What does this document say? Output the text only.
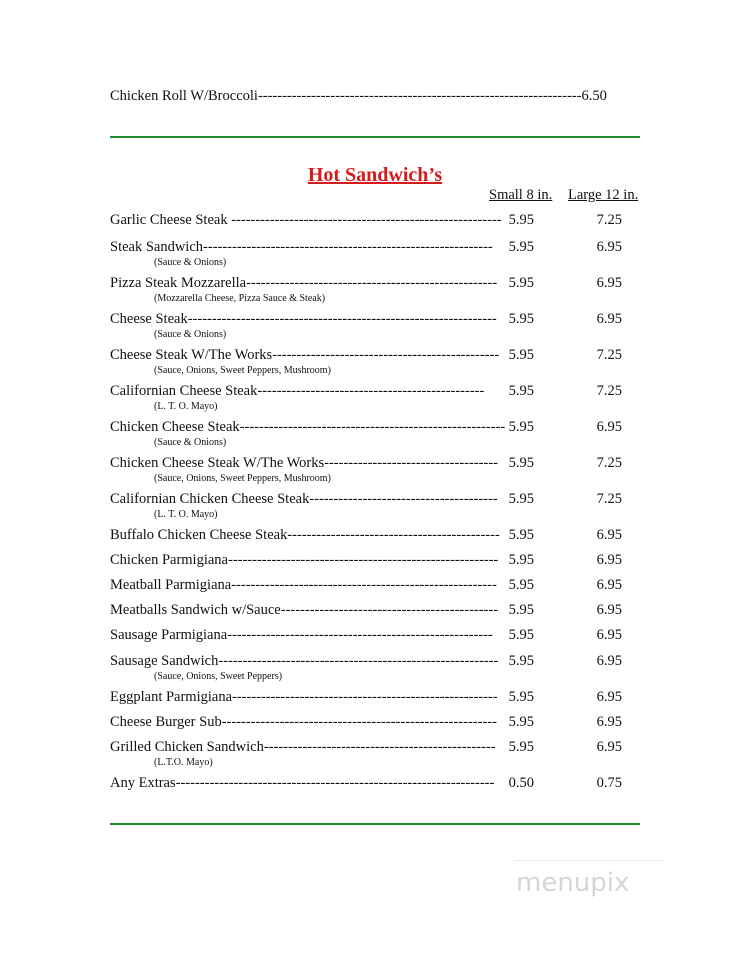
Chicken Roll W/Broccoli-------------------------------------------------------------------6.50
Hot Sandwich’s
Small 8 in. Large 12 in.
Garlic Cheese Steak -------------------------------------------------------- 5.95	7.25
Steak Sandwich------------------------------------------------------------	5.95	6.95
(Sauce & Onions)
Pizza Steak Mozzarella---------------------------------------------------- 5.95	6.95
(Mozzarella Cheese, Pizza Sauce & Steak)
Cheese Steak---------------------------------------------------------------- 5.95	6.95
(Sauce & Onions)
Cheese Steak W/The Works----------------------------------------------- 5.95	7.25
(Sauce, Onions, Sweet Peppers, Mushroom)
Californian Cheese Steak-----------------------------------------------	5.95	7.25
(L. T. O. Mayo)
Chicken Cheese Steak------------------------------------------------------- 5.95	6.95
(Sauce & Onions)
Chicken Cheese Steak W/The Works------------------------------------ 5.95	7.25
(Sauce, Onions, Sweet Peppers, Mushroom)
Californian Chicken Cheese Steak--------------------------------------- 5.95	7.25
(L. T. O. Mayo)
Buffalo Chicken Cheese Steak-------------------------------------------- 5.95	6.95
Chicken Parmigiana-------------------------------------------------------- 5.95	6.95
Meatball Parmigiana------------------------------------------------------- 5.95	6.95
Meatballs Sandwich w/Sauce--------------------------------------------- 5.95	6.95
Sausage Parmigiana-------------------------------------------------------	5.95	6.95
Sausage Sandwich---------------------------------------------------------- 5.95	6.95
(Sauce, Onions, Sweet Peppers)
Eggplant Parmigiana------------------------------------------------------- 5.95	6.95
Cheese Burger Sub--------------------------------------------------------- 5.95	6.95
Grilled Chicken Sandwich------------------------------------------------ 5.95	6.95
(L.T.O. Mayo)
Any Extras------------------------------------------------------------------ 0.50	0.75
menupix
